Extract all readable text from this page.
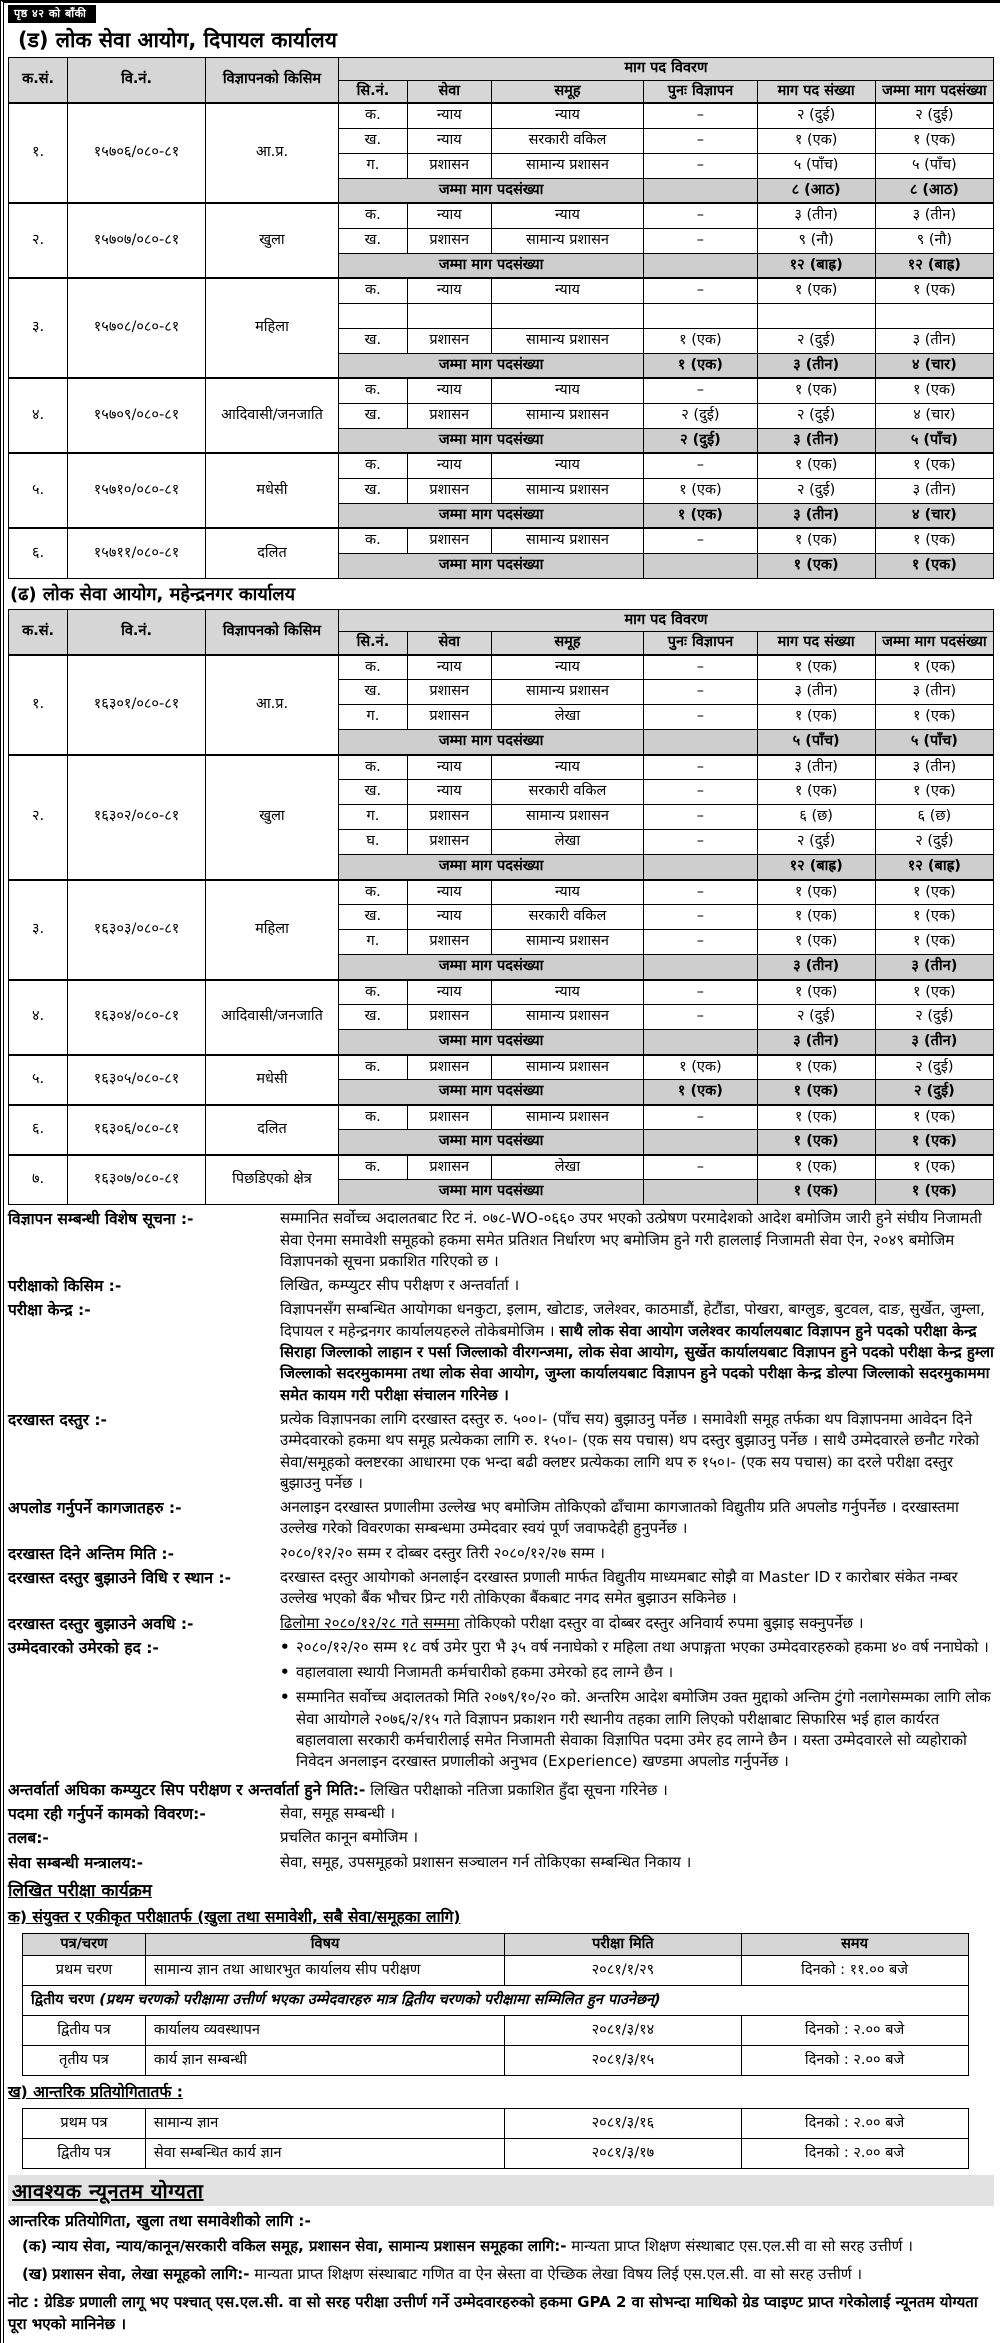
पृष्ठ ४२ को बाँकी
(ड) लोक सेवा आयोग, दिपायल कार्यालय
क.सं.	वि.नं.	विज्ञापनको किसिम	माग पद विवरण					
			सि.नं.	सेवा	समूह	पुनः विज्ञापन	माग पद संख्या	जम्मा माग पदसंख्या
१.	१५७०६/०८०-८१	आ.प्र.	क.	न्याय	न्याय	–	२ (दुई)	२ (दुई)
			ख.	न्याय	सरकारी वकिल	–	१ (एक)	१ (एक)
			ग.	प्रशासन	सामान्य प्रशासन	–	५ (पाँच)	५ (पाँच)
			जम्मा माग पदसंख्या				८ (आठ)	८ (आठ)
२.	१५७०७/०८०-८१	खुला	क.	न्याय	न्याय	–	३ (तीन)	३ (तीन)
			ख.	प्रशासन	सामान्य प्रशासन	–	९ (नौ)	९ (नौ)
			जम्मा माग पदसंख्या				१२ (बाह्र)	१२ (बाह्र)
३.	१५७०८/०८०-८१	महिला	क.	न्याय	न्याय	–	१ (एक)	१ (एक)

			ख.	प्रशासन	सामान्य प्रशासन	१ (एक)	२ (दुई)	३ (तीन)
			जम्मा माग पदसंख्या			१ (एक)	३ (तीन)	४ (चार)
४.	१५७०९/०८०-८१	आदिवासी/जनजाति	क.	न्याय	न्याय	–	१ (एक)	१ (एक)
			ख.	प्रशासन	सामान्य प्रशासन	२ (दुई)	२ (दुई)	४ (चार)
			जम्मा माग पदसंख्या			२ (दुई)	३ (तीन)	५ (पाँच)
५.	१५७१०/०८०-८१	मधेसी	क.	न्याय	न्याय	–	१ (एक)	१ (एक)
			ख.	प्रशासन	सामान्य प्रशासन	१ (एक)	२ (दुई)	३ (तीन)
			जम्मा माग पदसंख्या			१ (एक)	३ (तीन)	४ (चार)
६.	१५७११/०८०-८१	दलित	क.	प्रशासन	सामान्य प्रशासन	–	१ (एक)	१ (एक)
			जम्मा माग पदसंख्या				१ (एक)	१ (एक)
(ढ) लोक सेवा आयोग, महेन्द्रनगर कार्यालय
क.सं.	वि.नं.	विज्ञापनको किसिम	माग पद विवरण					
			सि.नं.	सेवा	समूह	पुनः विज्ञापन	माग पद संख्या	जम्मा माग पदसंख्या
१.	१६३०१/०८०-८१	आ.प्र.	क.	न्याय	न्याय	–	१ (एक)	१ (एक)
			ख.	प्रशासन	सामान्य प्रशासन	–	३ (तीन)	३ (तीन)
			ग.	प्रशासन	लेखा	–	१ (एक)	१ (एक)
			जम्मा माग पदसंख्या				५ (पाँच)	५ (पाँच)
२.	१६३०२/०८०-८१	खुला	क.	न्याय	न्याय	–	३ (तीन)	३ (तीन)
			ख.	न्याय	सरकारी वकिल	–	१ (एक)	१ (एक)
			ग.	प्रशासन	सामान्य प्रशासन	–	६ (छ)	६ (छ)
			घ.	प्रशासन	लेखा	–	२ (दुई)	२ (दुई)
			जम्मा माग पदसंख्या				१२ (बाह्र)	१२ (बाह्र)
३.	१६३०३/०८०-८१	महिला	क.	न्याय	न्याय	–	१ (एक)	१ (एक)
			ख.	न्याय	सरकारी वकिल	–	१ (एक)	१ (एक)
			ग.	प्रशासन	सामान्य प्रशासन	–	१ (एक)	१ (एक)
			जम्मा माग पदसंख्या				३ (तीन)	३ (तीन)
४.	१६३०४/०८०-८१	आदिवासी/जनजाति	क.	न्याय	न्याय	–	१ (एक)	१ (एक)
			ख.	प्रशासन	सामान्य प्रशासन	–	२ (दुई)	२ (दुई)
			जम्मा माग पदसंख्या				३ (तीन)	३ (तीन)
५.	१६३०५/०८०-८१	मधेसी	क.	प्रशासन	सामान्य प्रशासन	१ (एक)	१ (एक)	२ (दुई)
			जम्मा माग पदसंख्या			१ (एक)	१ (एक)	२ (दुई)
६.	१६३०६/०८०-८१	दलित	क.	प्रशासन	सामान्य प्रशासन	–	१ (एक)	१ (एक)
			जम्मा माग पदसंख्या				१ (एक)	१ (एक)
७.	१६३०७/०८०-८१	पिछडिएको क्षेत्र	क.	प्रशासन	लेखा	–	१ (एक)	१ (एक)
			जम्मा माग पदसंख्या				१ (एक)	१ (एक)
विज्ञापन सम्बन्धी विशेष सूचना :-	सम्मानित सर्वोच्च अदालतबाट रिट नं. ०७८-WO-०६६० उपर भएको उत्प्रेषण परमादेशको आदेश बमोजिम जारी हुने संघीय निजामती सेवा ऐनमा समावेशी समूहको हकमा समेत प्रतिशत निर्धारण भए बमोजिम हुने गरी हाललाई निजामती सेवा ऐन, २०४९ बमोजिम विज्ञापनको सूचना प्रकाशित गरिएको छ ।
परीक्षाको किसिम :-	लिखित, कम्प्युटर सीप परीक्षण र अन्तर्वार्ता ।
परीक्षा केन्द्र :-	विज्ञापनसँग सम्बन्धित आयोगका धनकुटा, इलाम, खोटाङ, जलेश्वर, काठमाडौं, हेटौंडा, पोखरा, बाग्लुङ, बुटवल, दाङ, सुर्खेत, जुम्ला, दिपायल र महेन्द्रनगर कार्यालयहरुले तोकेबमोजिम । साथै लोक सेवा आयोग जलेश्वर कार्यालयबाट विज्ञापन हुने पदको परीक्षा केन्द्र सिराहा जिल्लाको लाहान र पर्सा जिल्लाको वीरगन्जमा, लोक सेवा आयोग, सुर्खेत कार्यालयबाट विज्ञापन हुने पदको परीक्षा केन्द्र हुम्ला जिल्लाको सदरमुकाममा तथा लोक सेवा आयोग, जुम्ला कार्यालयबाट विज्ञापन हुने पदको परीक्षा केन्द्र डोल्पा जिल्लाको सदरमुकाममा समेत कायम गरी परीक्षा संचालन गरिनेछ ।
दरखास्त दस्तुर :-	प्रत्येक विज्ञापनका लागि दरखास्त दस्तुर रु. ५००।- (पाँच सय) बुझाउनु पर्नेछ । समावेशी समूह तर्फका थप विज्ञापनमा आवेदन दिने उम्मेदवारको हकमा थप समूह प्रत्येकका लागि रु. १५०।- (एक सय पचास) थप दस्तुर बुझाउनु पर्नेछ । साथै उम्मेदवारले छनौट गरेको सेवा/समूहको क्लष्टरका आधारमा एक भन्दा बढी क्लष्टर प्रत्येकका लागि थप रु १५०।- (एक सय पचास) का दरले परीक्षा दस्तुर बुझाउनु पर्नेछ ।
अपलोड गर्नुपर्ने कागजातहरु :-	अनलाइन दरखास्त प्रणालीमा उल्लेख भए बमोजिम तोकिएको ढाँचामा कागजातको विद्युतीय प्रति अपलोड गर्नुपर्नेछ । दरखास्तमा उल्लेख गरेको विवरणका सम्बन्धमा उम्मेदवार स्वयं पूर्ण जवाफदेही हुनुपर्नेछ ।
दरखास्त दिने अन्तिम मिति :-	२०८०/१२/२० सम्म र दोब्बर दस्तुर तिरी २०८०/१२/२७ सम्म ।
दरखास्त दस्तुर बुझाउने विधि र स्थान :-	दरखास्त दस्तुर आयोगको अनलाईन दरखास्त प्रणाली मार्फत विद्युतीय माध्यमबाट सोझै वा Master ID र कारोबार संकेत नम्बर उल्लेख भएको बैंक भौचर प्रिन्ट गरी तोकिएका बैंकबाट नगद समेत बुझाउन सकिनेछ ।
दरखास्त दस्तुर बुझाउने अवधि :-	ढिलोमा २०८०/१२/२८ गते सम्ममा तोकिएको परीक्षा दस्तुर वा दोब्बर दस्तुर अनिवार्य रुपमा बुझाइ सक्नुपर्नेछ ।
उम्मेदवारको उमेरको हद :-	• २०८०/१२/२० सम्म १८ वर्ष उमेर पुरा भै ३५ वर्ष ननाघेको र महिला तथा अपाङ्गता भएका उम्मेदवारहरुको हकमा ४० वर्ष ननाघेको ।
• वहालवाला स्थायी निजामती कर्मचारीको हकमा उमेरको हद लाग्ने छैन ।
• सम्मानित सर्वोच्च अदालतको मिति २०७९/१०/२० को. अन्तरिम आदेश बमोजिम उक्त मुद्दाको अन्तिम टुंगो नलागेसम्मका लागि लोक सेवा आयोगले २०७६/२/१५ गते विज्ञापन प्रकाशन गरी स्थानीय तहका लागि लिएको परीक्षाबाट सिफारिस भई हाल कार्यरत बहालवाला सरकारी कर्मचारीलाई समेत निजामती सेवाका विज्ञापित पदमा उमेर हद लाग्ने छैन । यस्ता उम्मेदवारले सो व्यहोराको निवेदन अनलाइन दरखास्त प्रणालीको अनुभव (Experience) खण्डमा अपलोड गर्नुपर्नेछ ।
अन्तर्वार्ता अघिका कम्प्युटर सिप परीक्षण र अन्तर्वार्ता हुने मिति:- लिखित परीक्षाको नतिजा प्रकाशित हुँदा सूचना गरिनेछ ।
पदमा रही गर्नुपर्ने कामको विवरण:-	सेवा, समूह सम्बन्धी ।
तलब:-	प्रचलित कानून बमोजिम ।
सेवा सम्बन्धी मन्त्रालय:-	सेवा, समूह, उपसमूहको प्रशासन सञ्चालन गर्न तोकिएका सम्बन्धित निकाय ।
लिखित परीक्षा कार्यक्रम
क) संयुक्त र एकीकृत परीक्षातर्फ (खुला तथा समावेशी, सबै सेवा/समूहका लागि)
पत्र/चरण	विषय	परीक्षा मिति	समय
प्रथम चरण	सामान्य ज्ञान तथा आधारभुत कार्यालय सीप परीक्षण	२०८१/१/२९	दिनको : ११.०० बजे
द्वितीय चरण (प्रथम चरणको परीक्षामा उत्तीर्ण भएका उम्मेदवारहरु मात्र द्वितीय चरणको परीक्षामा सम्मिलित हुन पाउनेछन्)			
द्वितीय पत्र	कार्यालय व्यवस्थापन	२०८१/३/१४	दिनको : २.०० बजे
तृतीय पत्र	कार्य ज्ञान सम्बन्धी	२०८१/३/१५	दिनको : २.०० बजे
ख) आन्तरिक प्रतियोगितातर्फ :
प्रथम पत्र	सामान्य ज्ञान	२०८१/३/१६	दिनको : २.०० बजे
द्वितीय पत्र	सेवा सम्बन्धित कार्य ज्ञान	२०८१/३/१७	दिनको : २.०० बजे
आवश्यक न्यूनतम योग्यता
आन्तरिक प्रतियोगिता, खुला तथा समावेशीको लागि :-
(क) न्याय सेवा, न्याय/कानून/सरकारी वकिल समूह, प्रशासन सेवा, सामान्य प्रशासन समूहका लागि:- मान्यता प्राप्त शिक्षण संस्थाबाट एस.एल.सी वा सो सरह उत्तीर्ण ।
(ख) प्रशासन सेवा, लेखा समूहको लागि:- मान्यता प्राप्त शिक्षण संस्थाबाट गणित वा ऐन स्रेस्ता वा ऐच्छिक लेखा विषय लिई एस.एल.सी. वा सो सरह उत्तीर्ण ।
नोट : ग्रेडिङ प्रणाली लागू भए पश्चात् एस.एल.सी. वा सो सरह परीक्षा उत्तीर्ण गर्ने उम्मेदवारहरुको हकमा GPA 2 वा सोभन्दा माथिको ग्रेड प्वाइण्ट प्राप्त गरेकोलाई न्यूनतम योग्यता पूरा भएको मानिनेछ ।
